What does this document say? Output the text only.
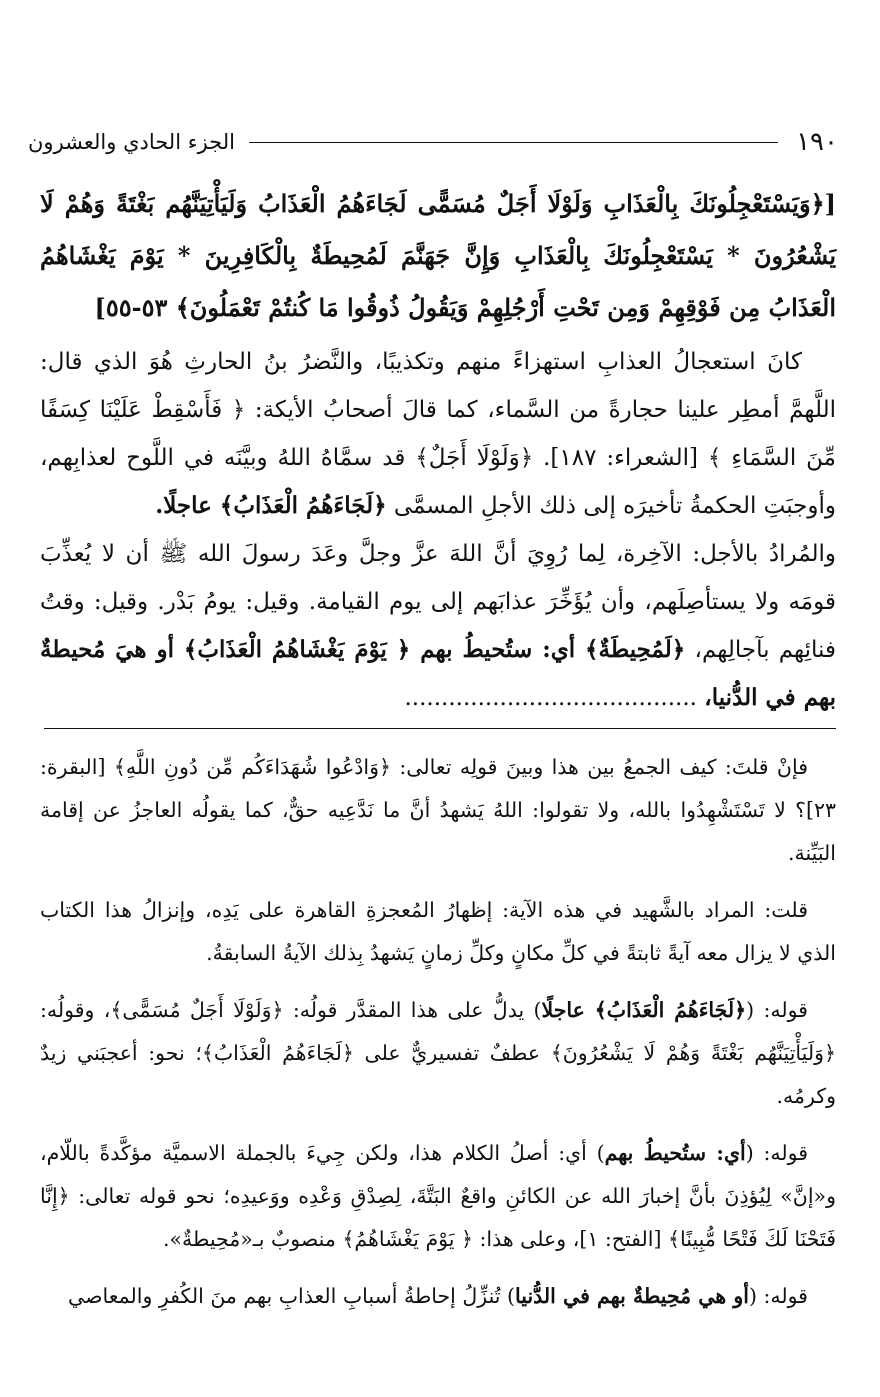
١٩٠
الجزء الحادي والعشرون
[﴿وَيَسْتَعْجِلُونَكَ بِالْعَذَابِ وَلَوْلَا أَجَلٌ مُسَمًّى لَجَاءَهُمُ الْعَذَابُ وَلَيَأْتِيَنَّهُم بَغْتَةً وَهُمْ لَا يَشْعُرُونَ * يَسْتَعْجِلُونَكَ بِالْعَذَابِ وَإِنَّ جَهَنَّمَ لَمُحِيطَةٌ بِالْكَافِرِينَ * يَوْمَ يَغْشَاهُمُ الْعَذَابُ مِن فَوْقِهِمْ وَمِن تَحْتِ أَرْجُلِهِمْ وَيَقُولُ ذُوقُوا مَا كُنتُمْ تَعْمَلُونَ﴾ ٥٣-٥٥]

كانَ استعجالُ العذابِ استهزاءً منهم وتكذيبًا، والنَّضرُ بنُ الحارثِ هُوَ الذي قال: اللَّهمَّ أمطِر علينا حجارةً من السَّماء، كما قالَ أصحابُ الأيكة: ﴿ فَأَسْقِطْ عَلَيْنَا كِسَفًا مِّنَ السَّمَاءِ ﴾ [الشعراء: ١٨٧]. ﴿وَلَوْلَا أَجَلٌ﴾ قد سمَّاهُ اللهُ وبيَّنَه في اللَّوح لعذابِهم، وأوجبَتِ الحكمةُ تأخيرَه إلى ذلك الأجلِ المسمَّى ﴿لَجَاءَهُمُ الْعَذَابُ﴾ عاجلًا.

والمُرادُ بالأجل: الآخِرة، لِما رُوِيَ أنَّ اللهَ عزَّ وجلَّ وعَدَ رسولَ الله ﷺ أن لا يُعذِّبَ قومَه ولا يستأصِلَهم، وأن يُؤَخِّرَ عذابَهم إلى يوم القيامة. وقيل: يومُ بَدْر. وقيل: وقتُ فنائِهم بآجالِهم، ﴿لَمُحِيطَةٌ﴾ أي: ستُحيطُ بهم ﴿ يَوْمَ يَغْشَاهُمُ الْعَذَابُ﴾ أو هيَ مُحيطةٌ بهم في الدُّنيا، ........................................

فإنْ قلتَ: كيف الجمعُ بين هذا وبينَ قولِه تعالى: ﴿وَادْعُوا شُهَدَاءَكُم مِّن دُونِ اللَّهِ﴾ [البقرة: ٢٣]؟ لا تَسْتَشْهِدُوا بالله، ولا تقولوا: اللهُ يَشهدُ أنَّ ما نَدَّعِيه حقٌّ، كما يقولُه العاجزُ عن إقامة البَيِّنة.

قلت: المراد بالشَّهيد في هذه الآية: إظهارُ المُعجزةِ القاهرة على يَدِه، وإنزالُ هذا الكتاب الذي لا يزال معه آيةً ثابتةً في كلِّ مكانٍ وكلِّ زمانٍ يَشهدُ بِذلك الآيةُ السابقةُ.

قوله: (﴿لَجَاءَهُمُ الْعَذَابُ﴾ عاجلًا) يدلُّ على هذا المقدَّر قولُه: ﴿وَلَوْلَا أَجَلٌ مُسَمًّى﴾، وقولُه: ﴿وَلَيَأْتِيَنَّهُم بَغْتَةً وَهُمْ لَا يَشْعُرُونَ﴾ عطفٌ تفسيريٌّ على ﴿لَجَاءَهُمُ الْعَذَابُ﴾؛ نحو: أعجبَني زيدٌ وكرمُه.

قوله: (أي: ستُحيطُ بهم) أي: أصلُ الكلام هذا، ولكن جِيءَ بالجملة الاسميَّة مؤكَّدةً باللّام، و«إنَّ» لِيُؤذِنَ بأنَّ إخبارَ الله عن الكائنِ واقعٌ البَتَّةَ، لِصِدْقِ وَعْدِه ووَعيدِه؛ نحو قوله تعالى: ﴿إِنَّا فَتَحْنَا لَكَ فَتْحًا مُّبِينًا﴾ [الفتح: ١]، وعلى هذا: ﴿ يَوْمَ يَغْشَاهُمُ﴾ منصوبٌ بـ«مُحِيطةٌ».

قوله: (أو هي مُحِيطةٌ بهم في الدُّنيا) تُنزِّلُ إحاطةُ أسبابِ العذابِ بهم منَ الكُفرِ والمعاصي
